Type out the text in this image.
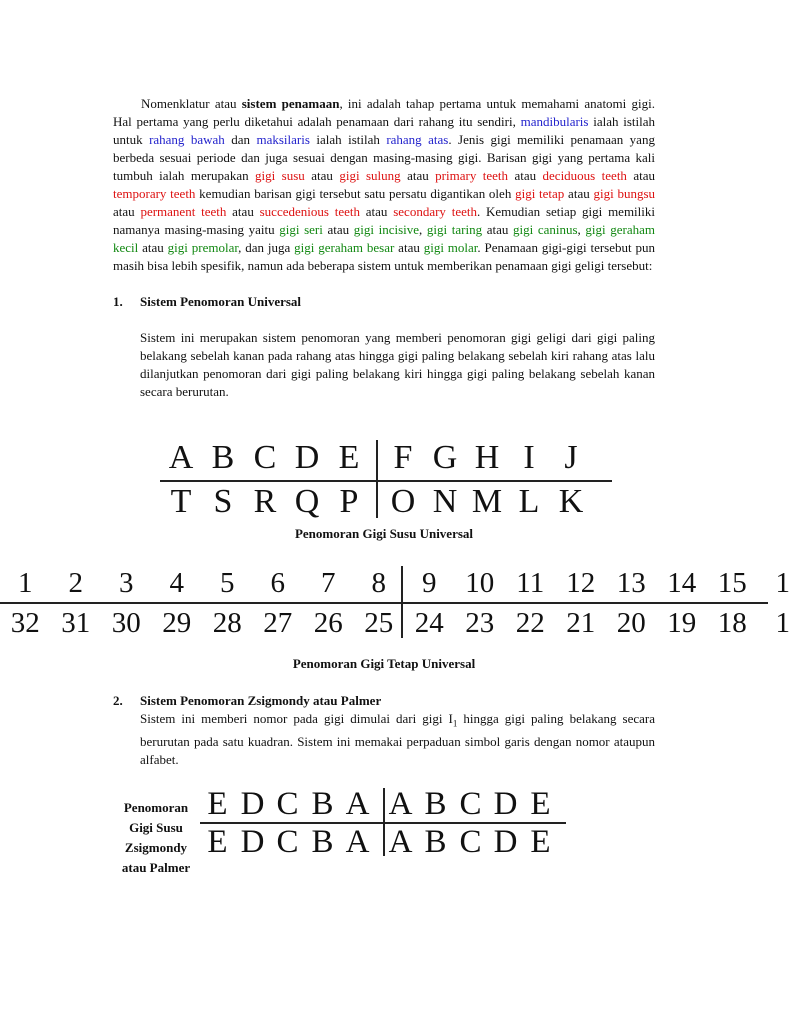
Nomenklatur atau sistem penamaan, ini adalah tahap pertama untuk memahami anatomi gigi. Hal pertama yang perlu diketahui adalah penamaan dari rahang itu sendiri, mandibularis ialah istilah untuk rahang bawah dan maksilaris ialah istilah rahang atas. Jenis gigi memiliki penamaan yang berbeda sesuai periode dan juga sesuai dengan masing-masing gigi. Barisan gigi yang pertama kali tumbuh ialah merupakan gigi susu atau gigi sulung atau primary teeth atau deciduous teeth atau temporary teeth kemudian barisan gigi tersebut satu persatu digantikan oleh gigi tetap atau gigi bungsu atau permanent teeth atau succedenious teeth atau secondary teeth. Kemudian setiap gigi memiliki namanya masing-masing yaitu gigi seri atau gigi incisive, gigi taring atau gigi caninus, gigi geraham kecil atau gigi premolar, dan juga gigi geraham besar atau gigi molar. Penamaan gigi-gigi tersebut pun masih bisa lebih spesifik, namun ada beberapa sistem untuk memberikan penamaan gigi geligi tersebut:

1.	Sistem Penomoran Universal

Sistem ini merupakan sistem penomoran yang memberi penomoran gigi geligi dari gigi paling belakang sebelah kanan pada rahang atas hingga gigi paling belakang sebelah kiri rahang atas lalu dilanjutkan penomoran dari gigi paling belakang kiri hingga gigi paling belakang sebelah kanan secara berurutan.

A B C D E	F G H I J
T S R Q P O N M L K
Penomoran Gigi Susu Universal
1	2	3	4	5	6	7	8	9 10 11 12 13 14 15 1
32 31 30 29 28 27 26 25 24 23 22 21 20 19 18 1
Penomoran Gigi Tetap Universal
2.	Sistem Penomoran Zsigmondy atau Palmer

Sistem ini memberi nomor pada gigi dimulai dari gigi $I_1$ hingga gigi paling belakang secara berurutan pada satu kuadran. Sistem ini memakai perpaduan simbol garis dengan nomor ataupun alfabet.

Penomoran
Gigi Susu
Zsigmondy
atau Palmer
E D C B A A B C D E
E D C B A A B C D E
